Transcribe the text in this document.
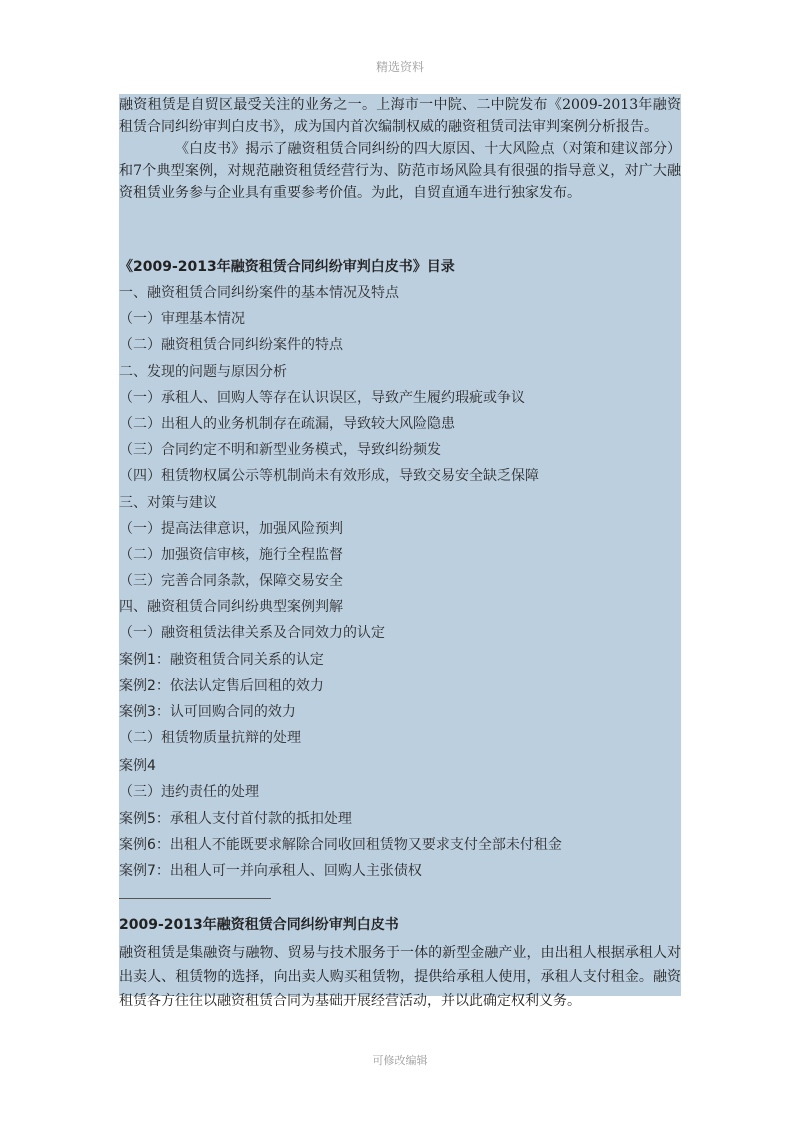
精选资料

融资租赁是自贸区最受关注的业务之一。上海市一中院、二中院发布《2009-2013年融资租赁合同纠纷审判白皮书》，成为国内首次编制权威的融资租赁司法审判案例分析报告。

《白皮书》揭示了融资租赁合同纠纷的四大原因、十大风险点（对策和建议部分）和7个典型案例，对规范融资租赁经营行为、防范市场风险具有很强的指导意义，对广大融资租赁业务参与企业具有重要参考价值。为此，自贸直通车进行独家发布。

《2009-2013年融资租赁合同纠纷审判白皮书》目录
一、融资租赁合同纠纷案件的基本情况及特点
（一）审理基本情况
（二）融资租赁合同纠纷案件的特点
二、发现的问题与原因分析
（一）承租人、回购人等存在认识误区，导致产生履约瑕疵或争议
（二）出租人的业务机制存在疏漏，导致较大风险隐患
（三）合同约定不明和新型业务模式，导致纠纷频发
（四）租赁物权属公示等机制尚未有效形成，导致交易安全缺乏保障
三、对策与建议
（一）提高法律意识，加强风险预判
（二）加强资信审核，施行全程监督
（三）完善合同条款，保障交易安全
四、融资租赁合同纠纷典型案例判解
（一）融资租赁法律关系及合同效力的认定
案例1：融资租赁合同关系的认定
案例2：依法认定售后回租的效力
案例3：认可回购合同的效力
（二）租赁物质量抗辩的处理
案例4
（三）违约责任的处理
案例5：承租人支付首付款的抵扣处理
案例6：出租人不能既要求解除合同收回租赁物又要求支付全部未付租金
案例7：出租人可一并向承租人、回购人主张债权
2009-2013年融资租赁合同纠纷审判白皮书

融资租赁是集融资与融物、贸易与技术服务于一体的新型金融产业，由出租人根据承租人对出卖人、租赁物的选择，向出卖人购买租赁物，提供给承租人使用，承租人支付租金。融资租赁各方往往以融资租赁合同为基础开展经营活动，并以此确定权利义务。

可修改编辑
